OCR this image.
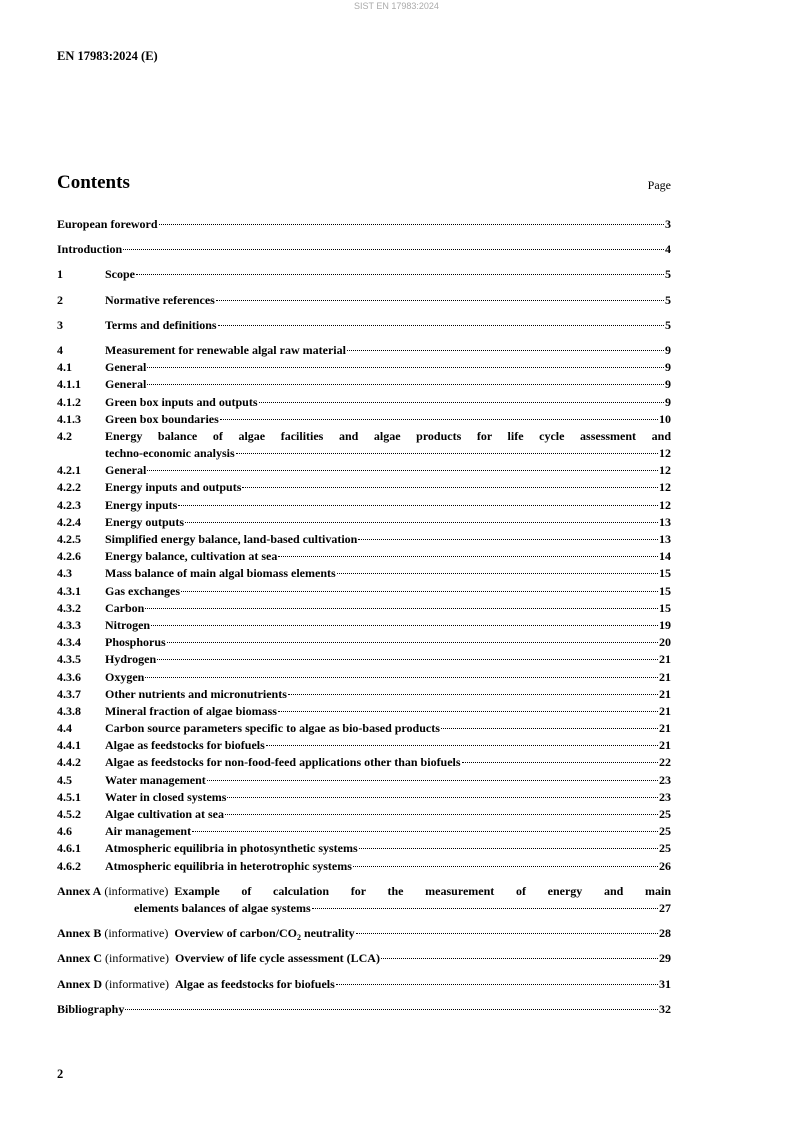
SIST EN 17983:2024
EN 17983:2024 (E)
Contents	Page
European foreword	3
Introduction	4
1	Scope	5
2	Normative references	5
3	Terms and definitions	5
4	Measurement for renewable algal raw material	9
4.1	General	9
4.1.1	General	9
4.1.2	Green box inputs and outputs	9
4.1.3	Green box boundaries	10
4.2	Energy balance of algae facilities and algae products for life cycle assessment and
techno-economic analysis	12
4.2.1	General	12
4.2.2	Energy inputs and outputs	12
4.2.3	Energy inputs	12
4.2.4	Energy outputs	13
4.2.5	Simplified energy balance, land-based cultivation	13
4.2.6	Energy balance, cultivation at sea	14
4.3	Mass balance of main algal biomass elements	15
4.3.1	Gas exchanges	15
4.3.2	Carbon	15
4.3.3	Nitrogen	19
4.3.4	Phosphorus	20
4.3.5	Hydrogen	21
4.3.6	Oxygen	21
4.3.7	Other nutrients and micronutrients	21
4.3.8	Mineral fraction of algae biomass	21
4.4	Carbon source parameters specific to algae as bio-based products	21
4.4.1	Algae as feedstocks for biofuels	21
4.4.2	Algae as feedstocks for non-food-feed applications other than biofuels	22
4.5	Water management	23
4.5.1	Water in closed systems	23
4.5.2	Algae cultivation at sea	25
4.6	Air management	25
4.6.1	Atmospheric equilibria in photosynthetic systems	25
4.6.2	Atmospheric equilibria in heterotrophic systems	26
Annex A
(informative)
Example of calculation for the measurement of energy and main
elements balances of algae systems	27
Annex B
(informative)
Overview of carbon/$CO_2$ neutrality	28
Annex C
(informative)
Overview of life cycle assessment (LCA)	29
Annex D
(informative)
Algae as feedstocks for biofuels	31
Bibliography	32
2
